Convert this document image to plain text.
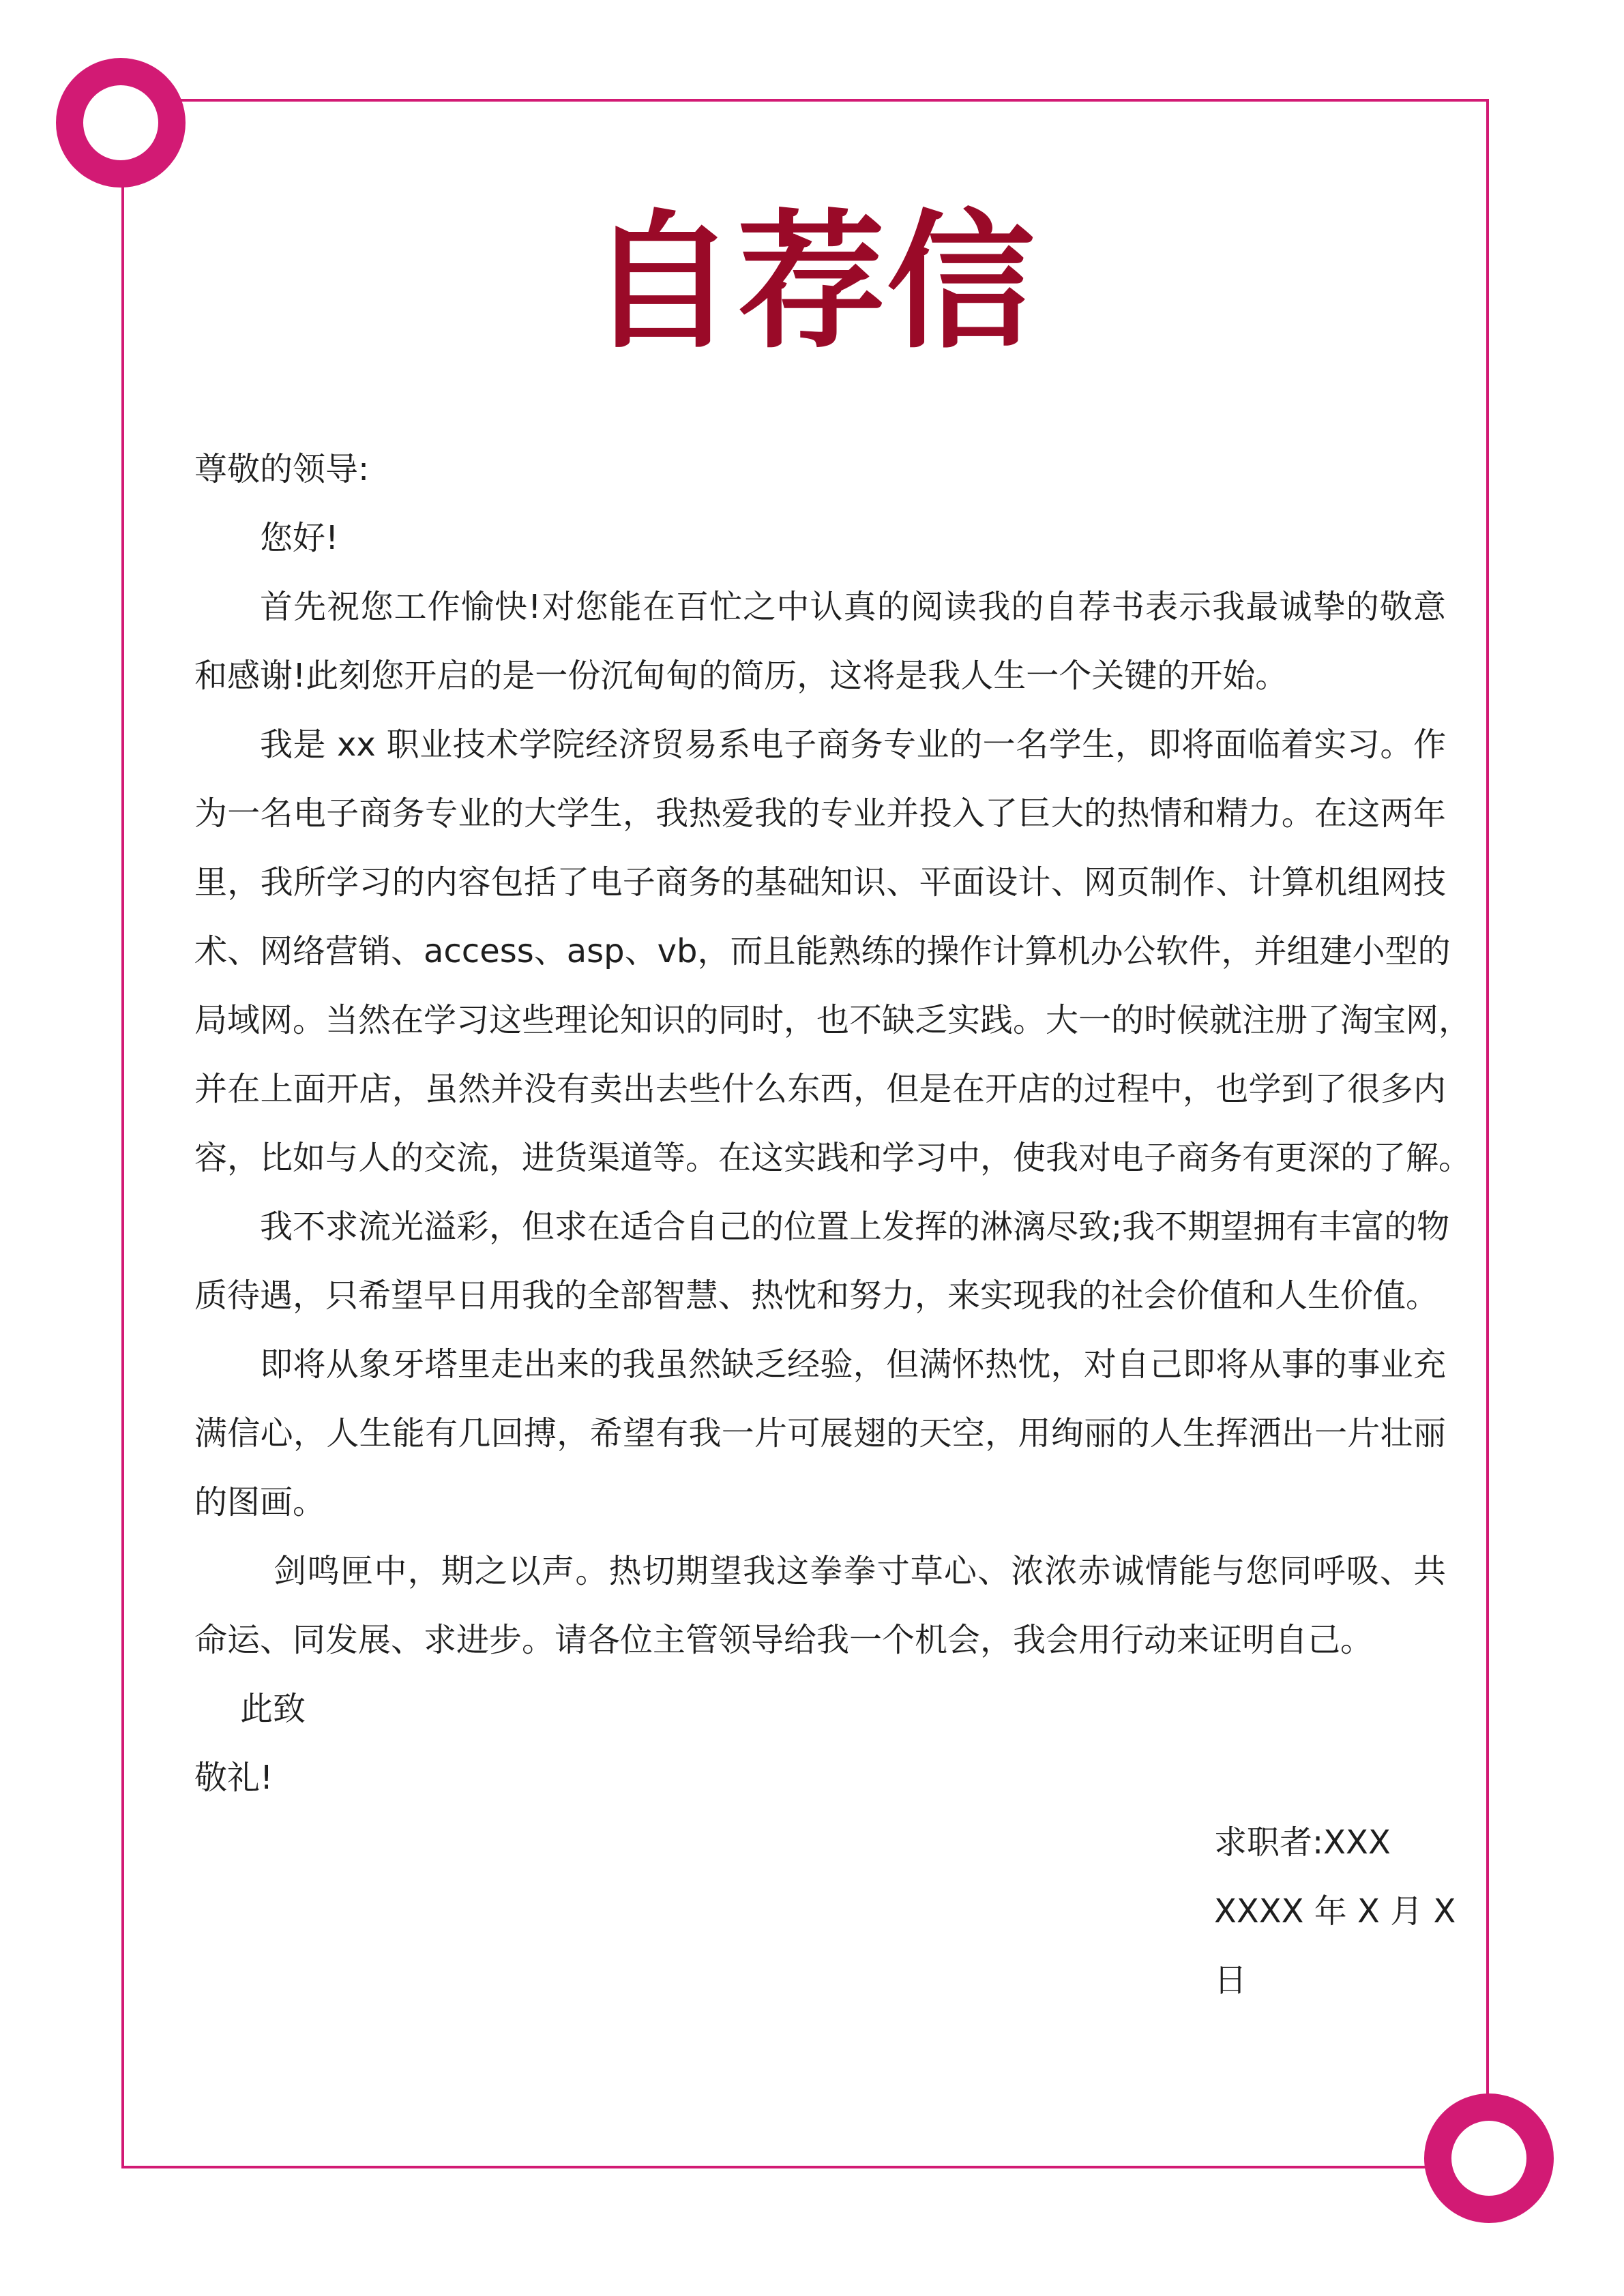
自荐信
尊敬的领导:
您好!
首先祝您工作愉快!对您能在百忙之中认真的阅读我的自荐书表示我最诚挚的敬意
和感谢!此刻您开启的是一份沉甸甸的简历，这将是我人生一个关键的开始。
我是 xx 职业技术学院经济贸易系电子商务专业的一名学生，即将面临着实习。作
为一名电子商务专业的大学生，我热爱我的专业并投入了巨大的热情和精力。在这两年
里，我所学习的内容包括了电子商务的基础知识、平面设计、网页制作、计算机组网技
术、网络营销、access、asp、vb，而且能熟练的操作计算机办公软件，并组建小型的
局域网。当然在学习这些理论知识的同时，也不缺乏实践。大一的时候就注册了淘宝网，
并在上面开店，虽然并没有卖出去些什么东西，但是在开店的过程中，也学到了很多内
容，比如与人的交流，进货渠道等。在这实践和学习中，使我对电子商务有更深的了解。
我不求流光溢彩，但求在适合自己的位置上发挥的淋漓尽致;我不期望拥有丰富的物
质待遇，只希望早日用我的全部智慧、热忱和努力，来实现我的社会价值和人生价值。
即将从象牙塔里走出来的我虽然缺乏经验，但满怀热忱，对自己即将从事的事业充
满信心，人生能有几回搏，希望有我一片可展翅的天空，用绚丽的人生挥洒出一片壮丽
的图画。
剑鸣匣中，期之以声。热切期望我这拳拳寸草心、浓浓赤诚情能与您同呼吸、共
命运、同发展、求进步。请各位主管领导给我一个机会，我会用行动来证明自己。
此致
敬礼!
求职者:XXX
XXXX 年 X 月 X
日
